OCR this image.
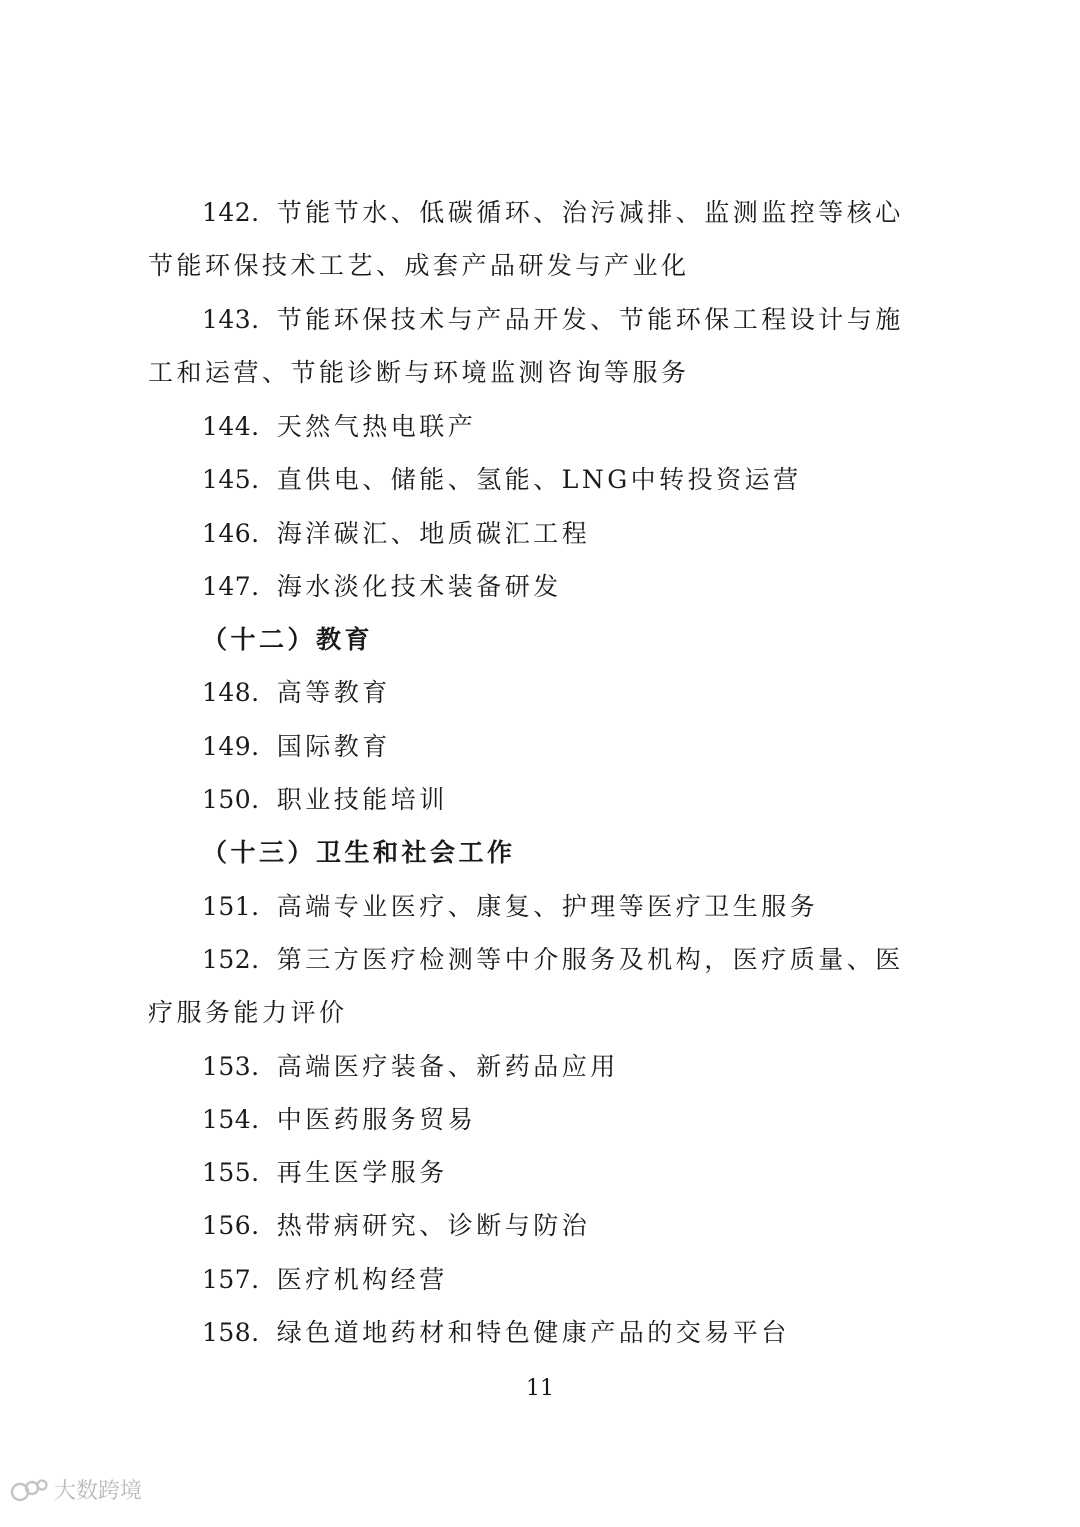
142．节能节水、低碳循环、治污减排、监测监控等核心节能环保技术工艺、成套产品研发与产业化

143．节能环保技术与产品开发、节能环保工程设计与施工和运营、节能诊断与环境监测咨询等服务

144．天然气热电联产

145．直供电、储能、氢能、LNG中转投资运营

146．海洋碳汇、地质碳汇工程

147．海水淡化技术装备研发

（十二）教育

148．高等教育

149．国际教育

150．职业技能培训

（十三）卫生和社会工作

151．高端专业医疗、康复、护理等医疗卫生服务

152．第三方医疗检测等中介服务及机构，医疗质量、医疗服务能力评价

153．高端医疗装备、新药品应用

154．中医药服务贸易

155．再生医学服务

156．热带病研究、诊断与防治

157．医疗机构经营

158．绿色道地药材和特色健康产品的交易平台

11
大数跨境
